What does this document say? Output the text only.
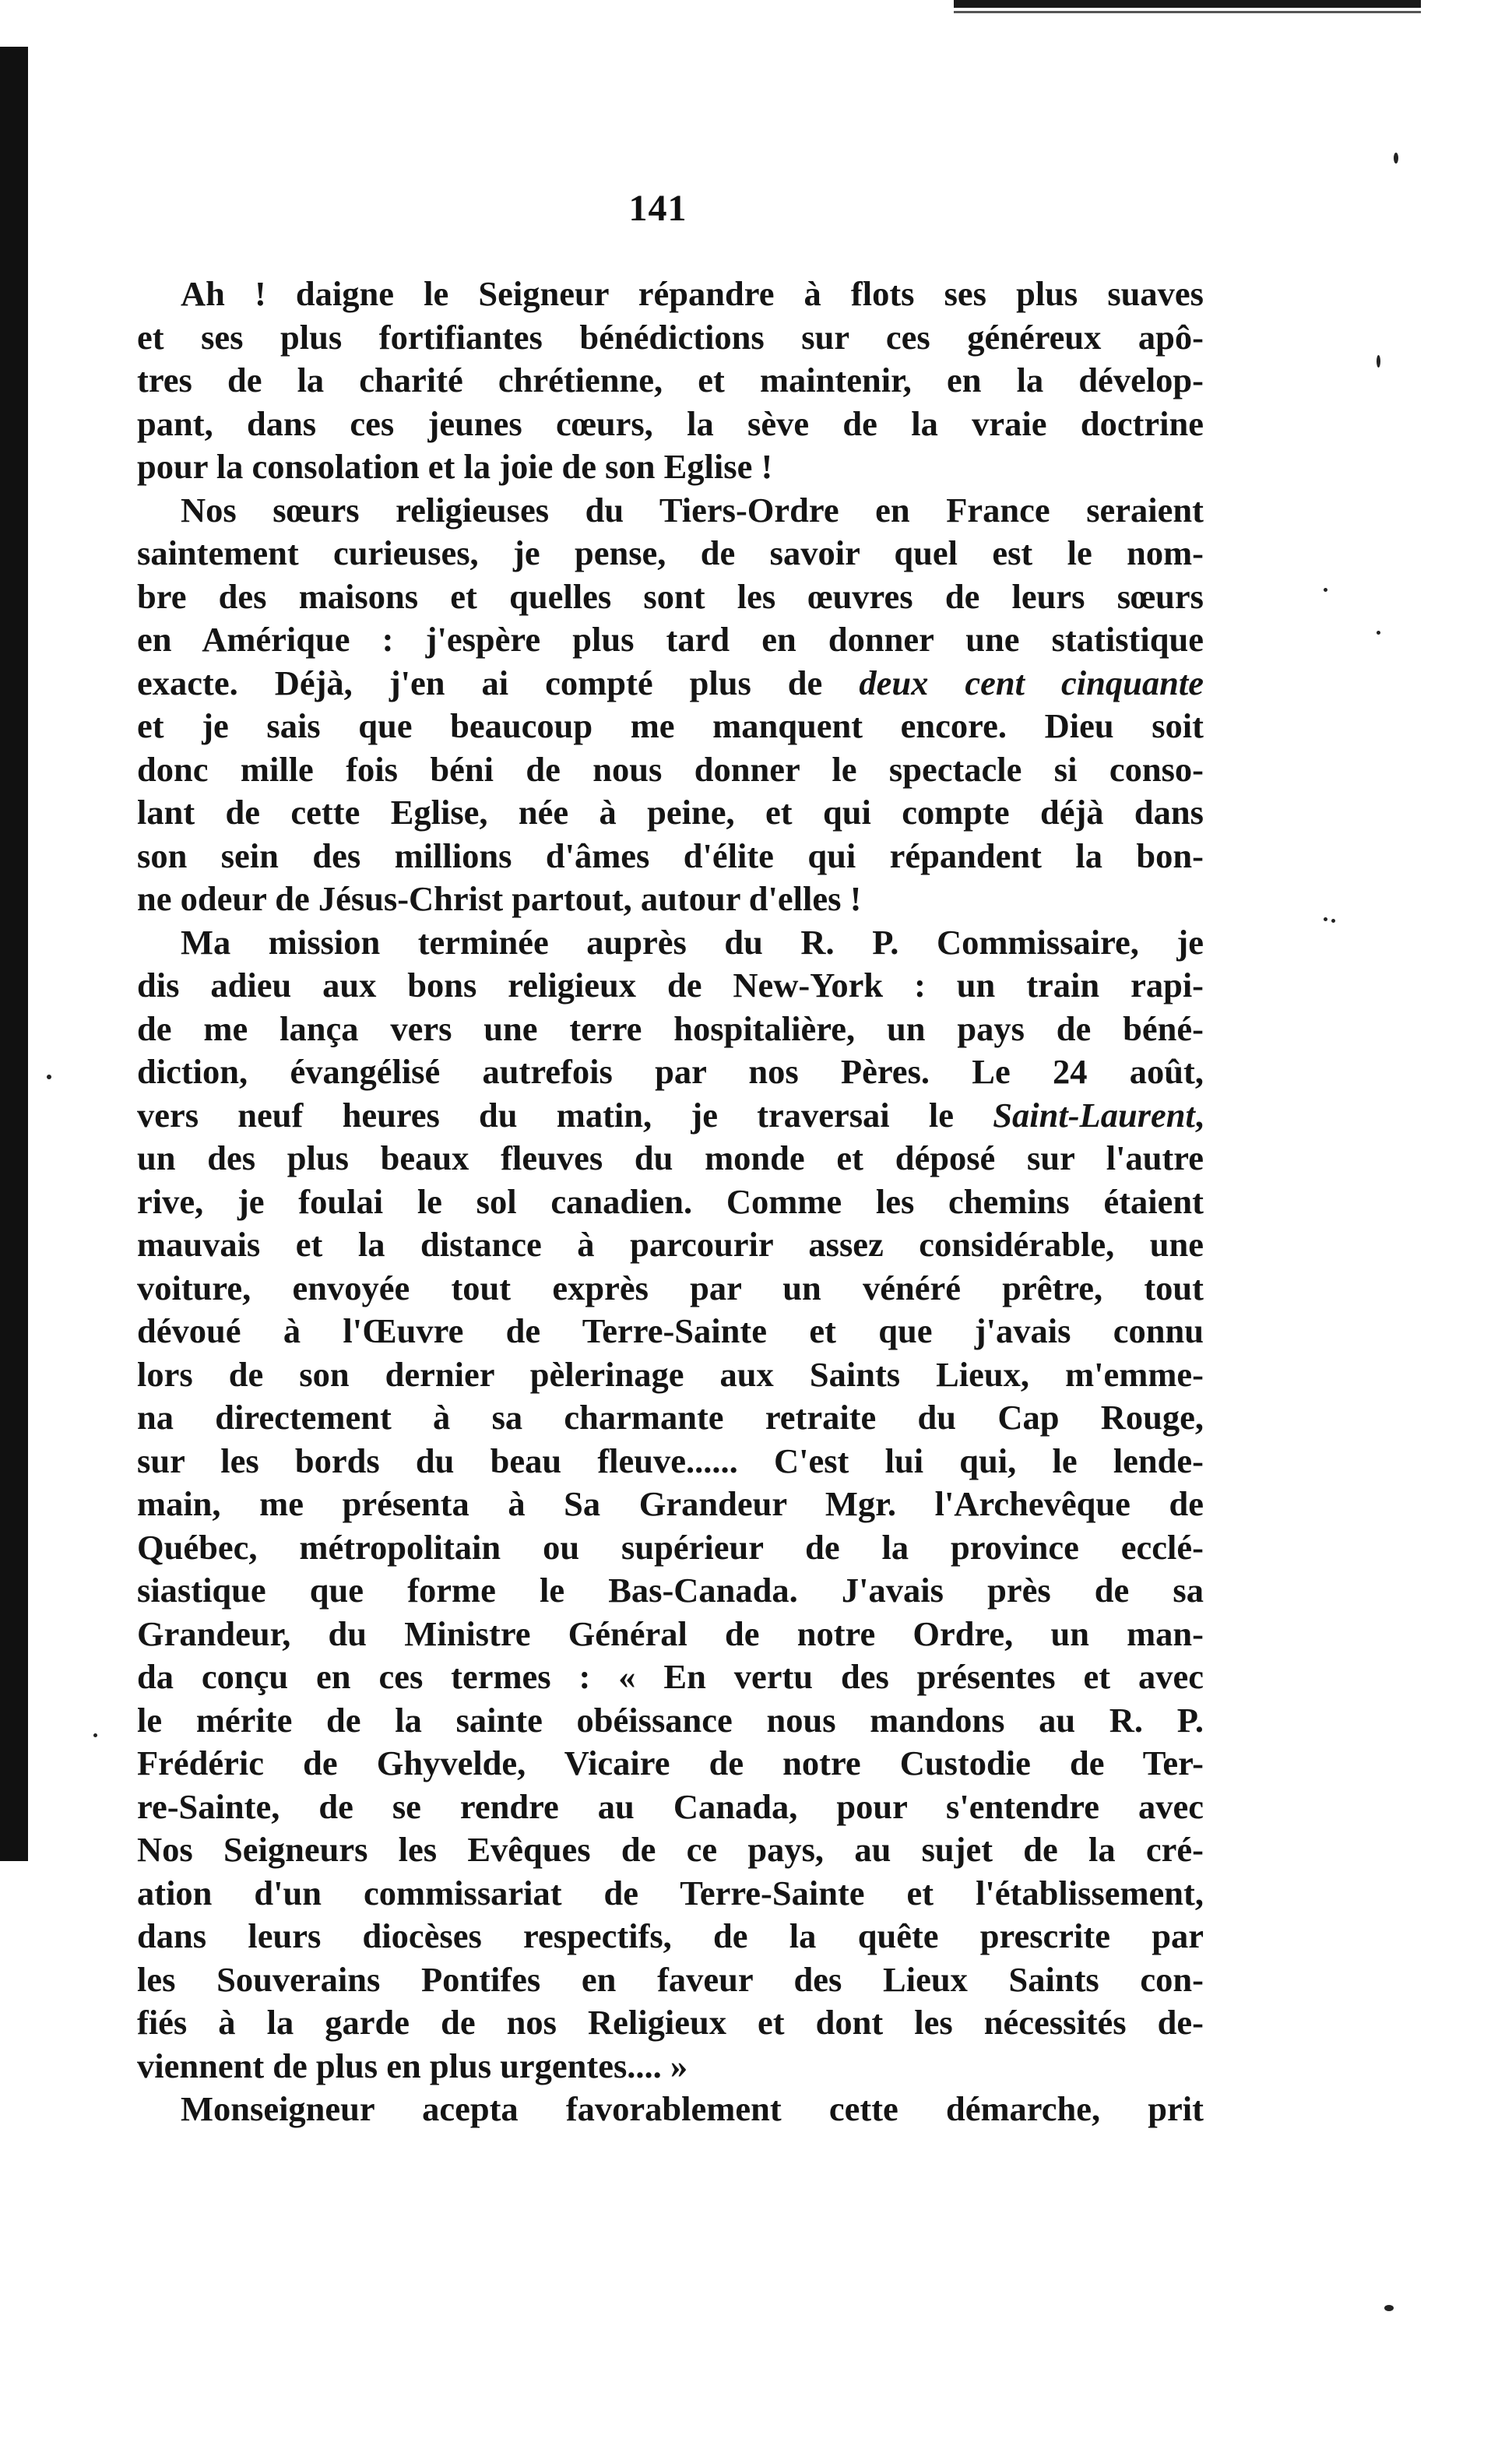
141
Ah ! daigne le Seigneur répandre à flots ses plus suaves
et ses plus fortifiantes bénédictions sur ces généreux apô-
tres de la charité chrétienne, et maintenir, en la dévelop-
pant, dans ces jeunes cœurs, la sève de la vraie doctrine
pour la consolation et la joie de son Eglise !
Nos sœurs religieuses du Tiers-Ordre en France seraient
saintement curieuses, je pense, de savoir quel est le nom-
bre des maisons et quelles sont les œuvres de leurs sœurs
en Amérique : j'espère plus tard en donner une statistique
exacte. Déjà, j'en ai compté plus de deux cent cinquante
et je sais que beaucoup me manquent encore. Dieu soit
donc mille fois béni de nous donner le spectacle si conso-
lant de cette Eglise, née à peine, et qui compte déjà dans
son sein des millions d'âmes d'élite qui répandent la bon-
ne odeur de Jésus-Christ partout, autour d'elles !
Ma mission terminée auprès du R. P. Commissaire, je
dis adieu aux bons religieux de New-York : un train rapi-
de me lança vers une terre hospitalière, un pays de béné-
diction, évangélisé autrefois par nos Pères. Le 24 août,
vers neuf heures du matin, je traversai le Saint-Laurent,
un des plus beaux fleuves du monde et déposé sur l'autre
rive, je foulai le sol canadien. Comme les chemins étaient
mauvais et la distance à parcourir assez considérable, une
voiture, envoyée tout exprès par un vénéré prêtre, tout
dévoué à l'Œuvre de Terre-Sainte et que j'avais connu
lors de son dernier pèlerinage aux Saints Lieux, m'emme-
na directement à sa charmante retraite du Cap Rouge,
sur les bords du beau fleuve...... C'est lui qui, le lende-
main, me présenta à Sa Grandeur Mgr. l'Archevêque de
Québec, métropolitain ou supérieur de la province ecclé-
siastique que forme le Bas-Canada. J'avais près de sa
Grandeur, du Ministre Général de notre Ordre, un man-
da conçu en ces termes : « En vertu des présentes et avec
le mérite de la sainte obéissance nous mandons au R. P.
Frédéric de Ghyvelde, Vicaire de notre Custodie de Ter-
re-Sainte, de se rendre au Canada, pour s'entendre avec
Nos Seigneurs les Evêques de ce pays, au sujet de la cré-
ation d'un commissariat de Terre-Sainte et l'établissement,
dans leurs diocèses respectifs, de la quête prescrite par
les Souverains Pontifes en faveur des Lieux Saints con-
fiés à la garde de nos Religieux et dont les nécessités de-
viennent de plus en plus urgentes.... »
Monseigneur acepta favorablement cette démarche, prit
